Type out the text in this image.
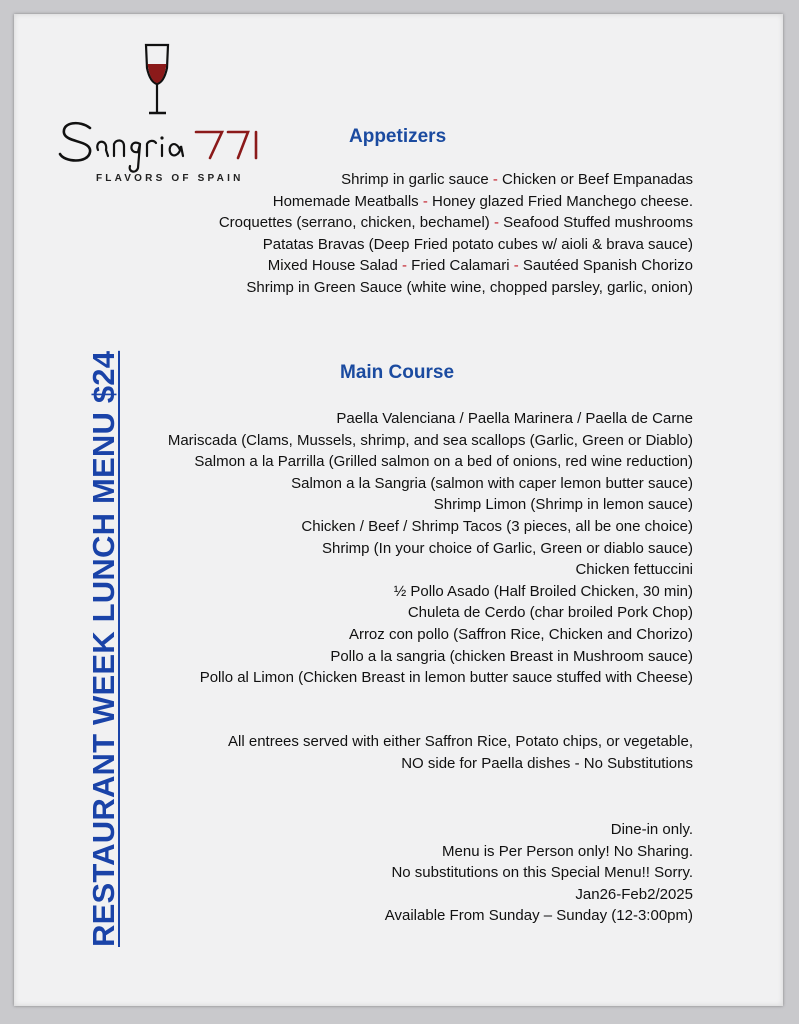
FLAVORS OF SPAIN
RESTAURANT WEEK LUNCH MENU $24
Appetizers
Shrimp in garlic sauce - Chicken or Beef Empanadas
Homemade Meatballs - Honey glazed Fried Manchego cheese.
Croquettes (serrano, chicken, bechamel) - Seafood Stuffed mushrooms
Patatas Bravas (Deep Fried potato cubes w/ aioli & brava sauce)
Mixed House Salad - Fried Calamari - Sautéed Spanish Chorizo
Shrimp in Green Sauce (white wine, chopped parsley, garlic, onion)
Main Course
Paella Valenciana / Paella Marinera / Paella de Carne
Mariscada (Clams, Mussels, shrimp, and sea scallops (Garlic, Green or Diablo)
Salmon a la Parrilla (Grilled salmon on a bed of onions, red wine reduction)
Salmon a la Sangria (salmon with caper lemon butter sauce)
Shrimp Limon (Shrimp in lemon sauce)
Chicken / Beef / Shrimp Tacos (3 pieces, all be one choice)
Shrimp (In your choice of Garlic, Green or diablo sauce)
Chicken fettuccini
½ Pollo Asado (Half Broiled Chicken, 30 min)
Chuleta de Cerdo (char broiled Pork Chop)
Arroz con pollo (Saffron Rice, Chicken and Chorizo)
Pollo a la sangria (chicken Breast in Mushroom sauce)
Pollo al Limon (Chicken Breast in lemon butter sauce stuffed with Cheese)
All entrees served with either Saffron Rice, Potato chips, or vegetable,
NO side for Paella dishes - No Substitutions
Dine-in only.
Menu is Per Person only! No Sharing.
No substitutions on this Special Menu!! Sorry.
Jan26-Feb2/2025
Available From Sunday – Sunday (12-3:00pm)
